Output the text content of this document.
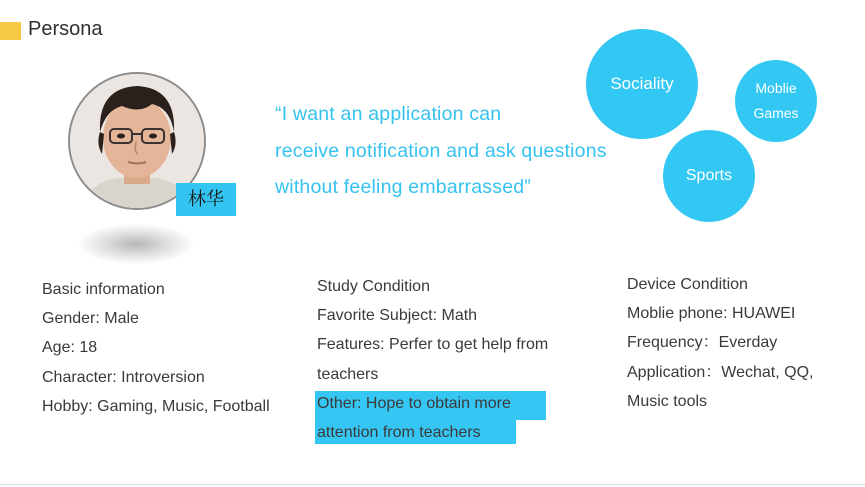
Persona
林华
“I want an application can
receive notification and ask questions
without feeling embarrassed”
Sociality	Moblie
Games
Sports
Basic information
Gender: Male
Age: 18
Character: Introversion
Hobby: Gaming, Music, Football
Study Condition
Favorite Subject: Math
Features: Perfer to get help from
teachers
Other: Hope to obtain more
attention from teachers
Device Condition
Moblie phone: HUAWEI
Frequency：Everday
Application：Wechat, QQ,
Music tools
